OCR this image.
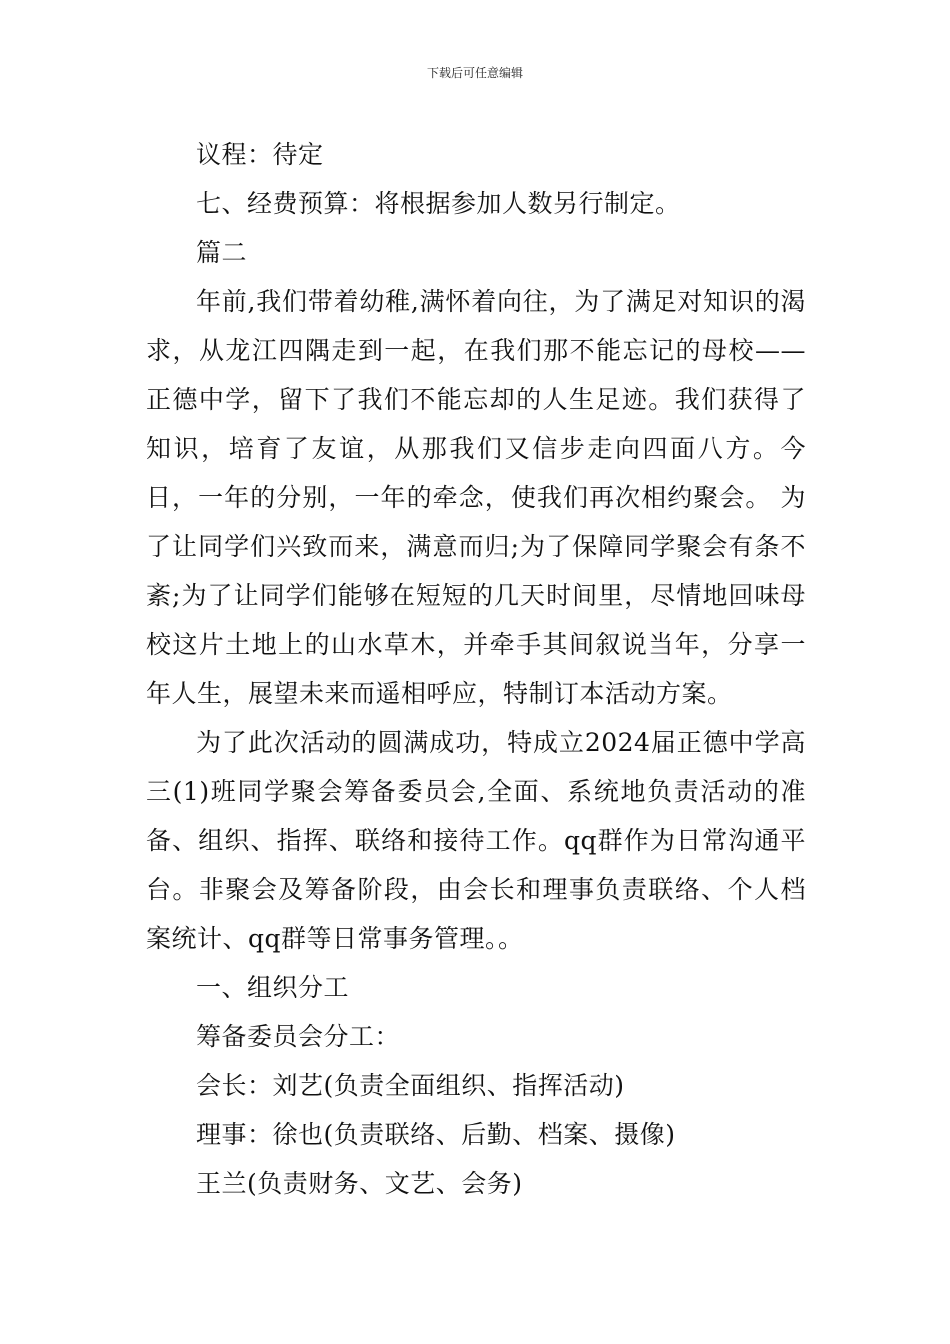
下载后可任意编辑

议程：待定

七、经费预算：将根据参加人数另行制定。

篇二

年前,我们带着幼稚,满怀着向往，为了满足对知识的渴求，从龙江四隅走到一起，在我们那不能忘记的母校——正德中学，留下了我们不能忘却的人生足迹。我们获得了知识，培育了友谊，从那我们又信步走向四面八方。今日，一年的分别，一年的牵念，使我们再次相约聚会。 为了让同学们兴致而来，满意而归;为了保障同学聚会有条不紊;为了让同学们能够在短短的几天时间里，尽情地回味母校这片土地上的山水草木，并牵手其间叙说当年，分享一年人生，展望未来而遥相呼应，特制订本活动方案。

为了此次活动的圆满成功，特成立2024届正德中学高三(1)班同学聚会筹备委员会,全面、系统地负责活动的准备、组织、指挥、联络和接待工作。qq群作为日常沟通平台。非聚会及筹备阶段，由会长和理事负责联络、个人档案统计、qq群等日常事务管理。。

一、组织分工

筹备委员会分工：

会长：刘艺(负责全面组织、指挥活动)

理事：徐也(负责联络、后勤、档案、摄像)

王兰(负责财务、文艺、会务)
